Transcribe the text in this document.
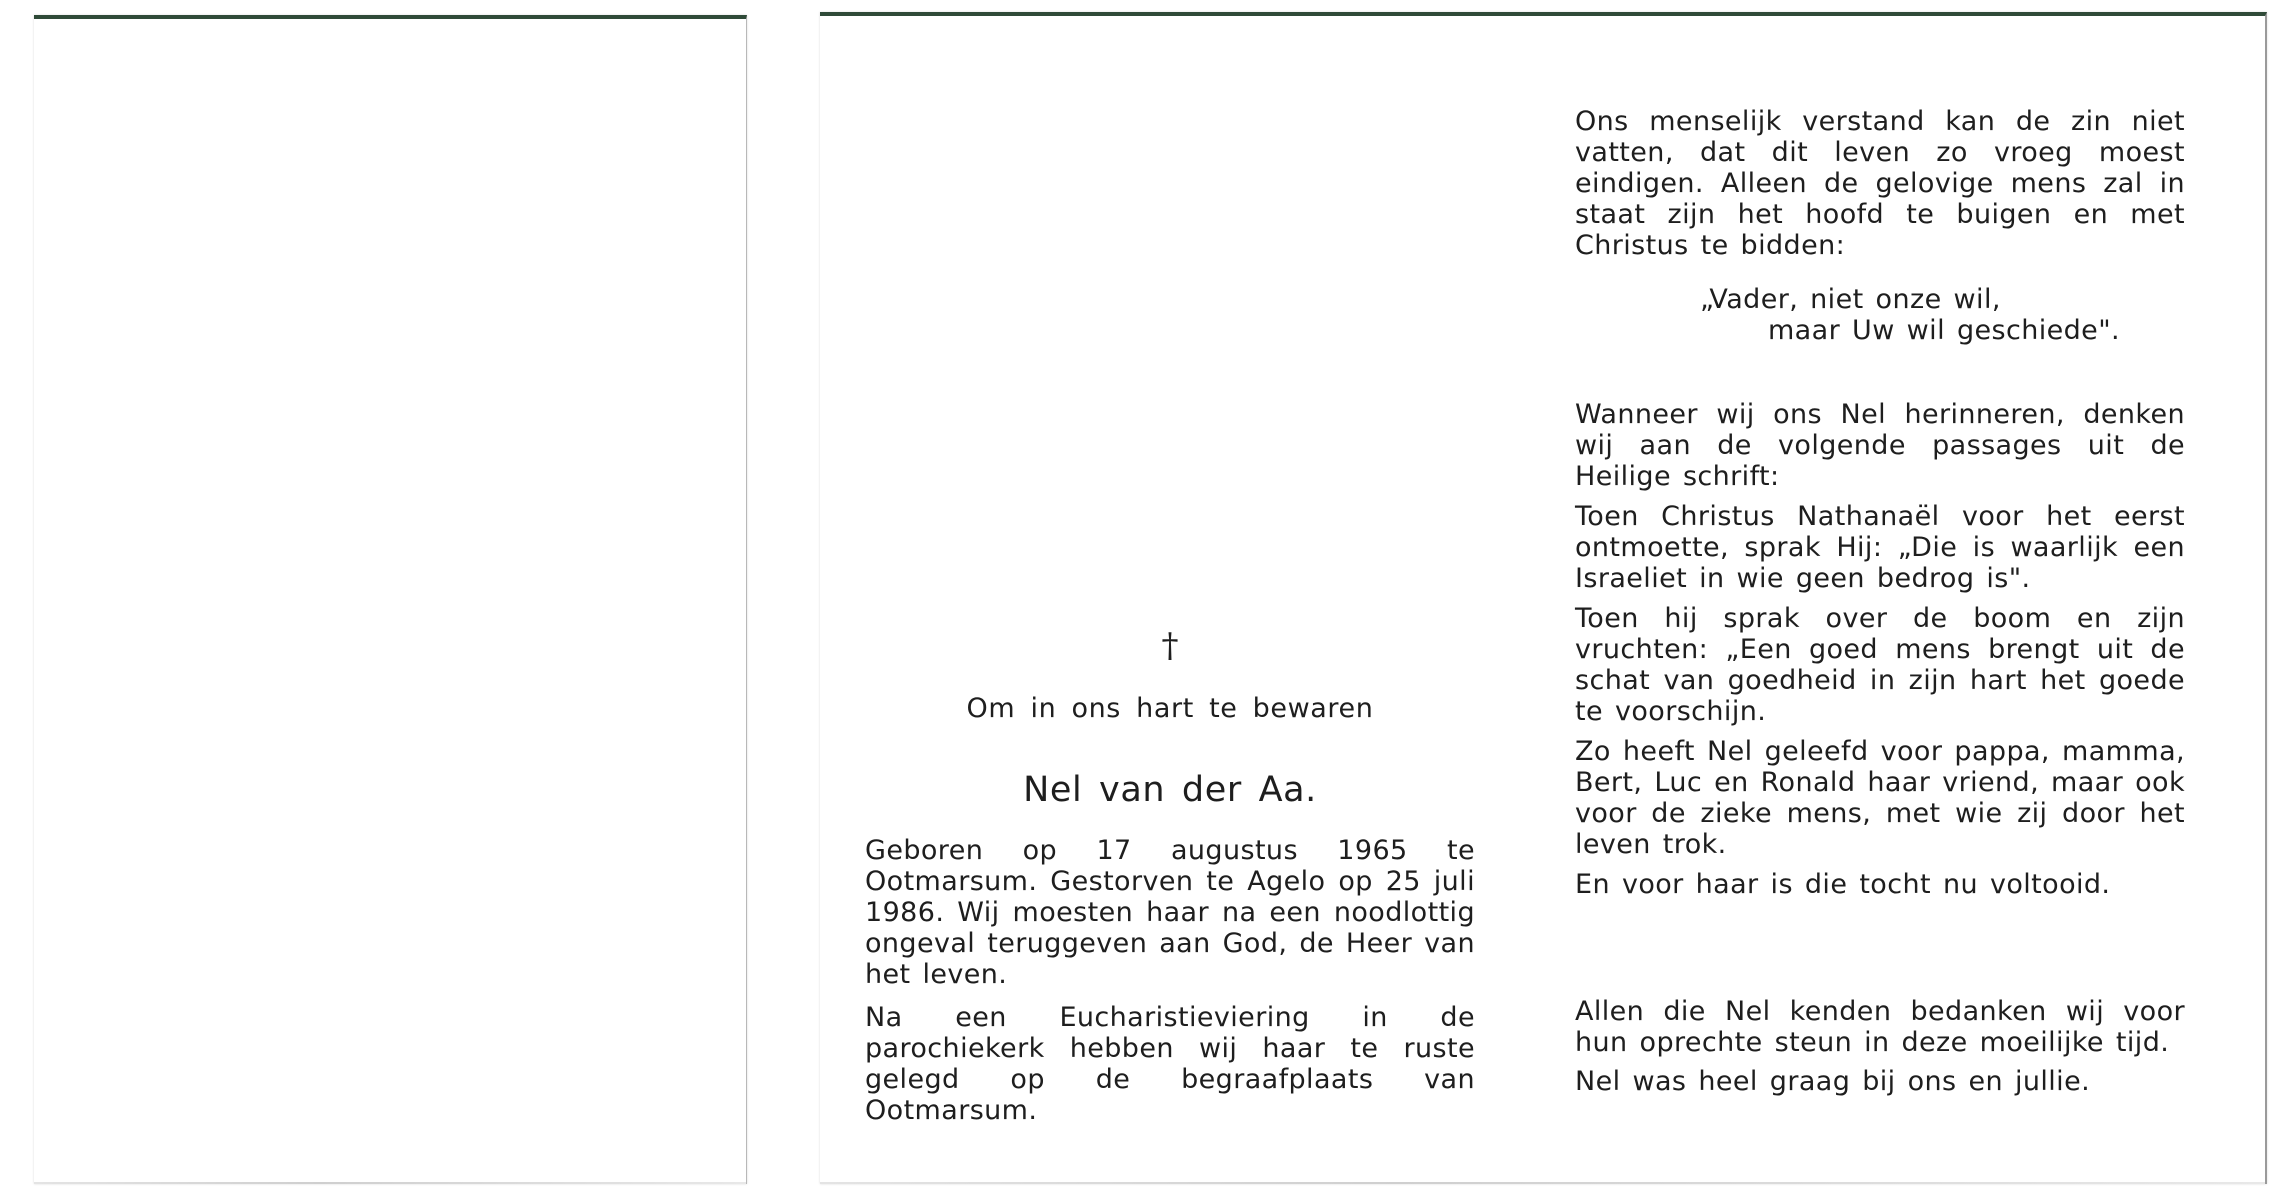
†
Om in ons hart te bewaren
Nel van der Aa.

Geboren op 17 augustus 1965 te Ootmarsum. Gestorven te Agelo op 25 juli 1986. Wij moesten haar na een noodlottig ongeval teruggeven aan God, de Heer van het leven.

Na een Eucharistieviering in de parochiekerk hebben wij haar te ruste gelegd op de begraafplaats van Ootmarsum.

Ons menselijk verstand kan de zin niet vatten, dat dit leven zo vroeg moest eindigen. Alleen de gelovige mens zal in staat zijn het hoofd te buigen en met Christus te bidden:

„Vader, niet onze wil,
maar Uw wil geschiede".

Wanneer wij ons Nel herinneren, denken wij aan de volgende passages uit de Heilige schrift:

Toen Christus Nathanaël voor het eerst ontmoette, sprak Hij: „Die is waarlijk een Israeliet in wie geen bedrog is".

Toen hij sprak over de boom en zijn vruchten: „Een goed mens brengt uit de schat van goedheid in zijn hart het goede te voorschijn.

Zo heeft Nel geleefd voor pappa, mamma, Bert, Luc en Ronald haar vriend, maar ook voor de zieke mens, met wie zij door het leven trok.

En voor haar is die tocht nu voltooid.

Allen die Nel kenden bedanken wij voor hun oprechte steun in deze moeilijke tijd.

Nel was heel graag bij ons en jullie.
